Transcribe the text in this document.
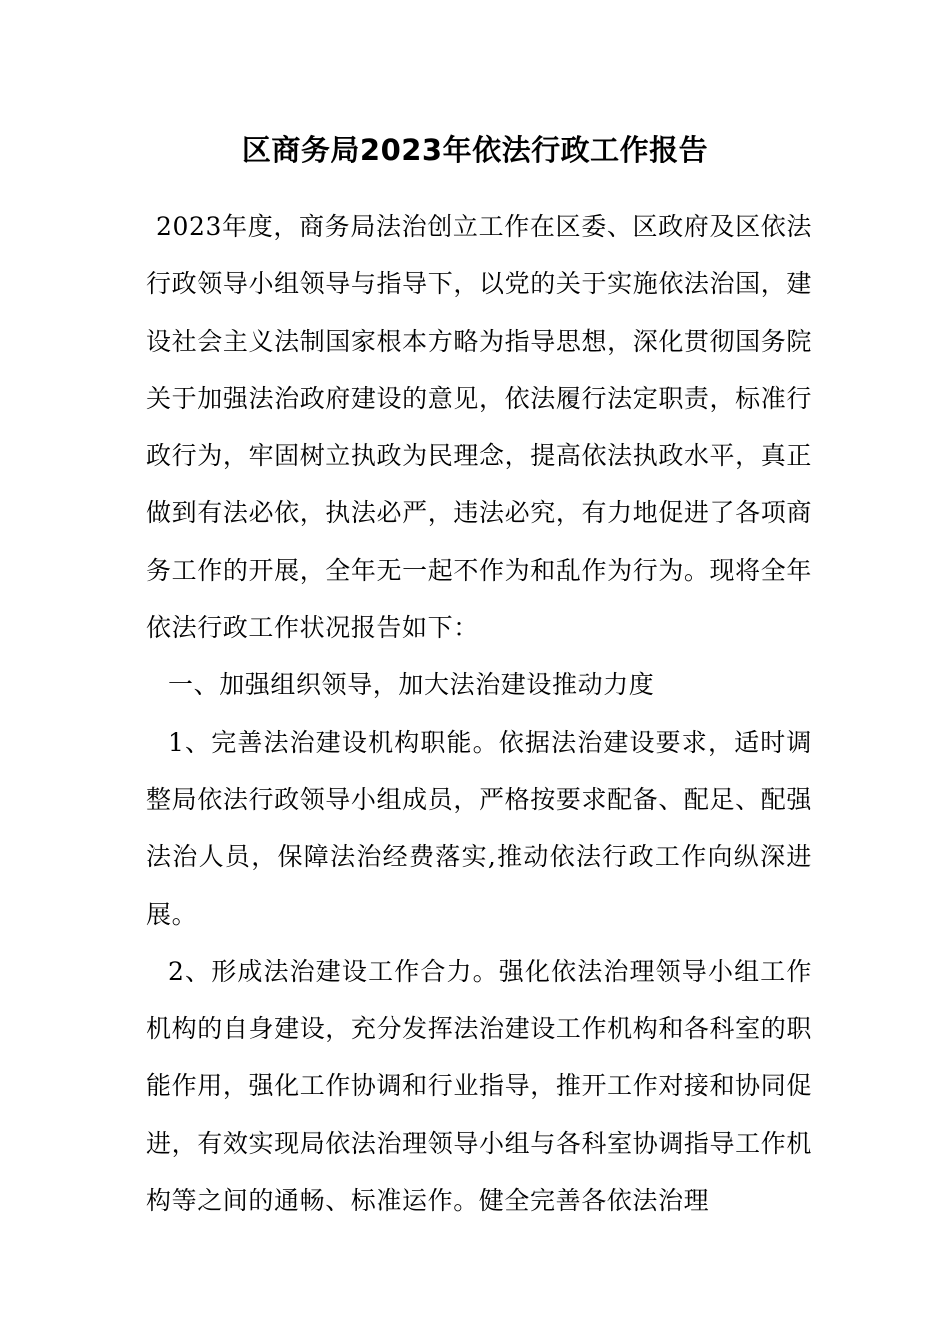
区商务局2023年依法行政工作报告

2023年度，商务局法治创立工作在区委、区政府及区依法行政领导小组领导与指导下，以党的关于实施依法治国，建设社会主义法制国家根本方略为指导思想，深化贯彻国务院关于加强法治政府建设的意见，依法履行法定职责，标准行政行为，牢固树立执政为民理念，提高依法执政水平，真正做到有法必依，执法必严，违法必究，有力地促进了各项商务工作的开展，全年无一起不作为和乱作为行为。现将全年依法行政工作状况报告如下：

一、加强组织领导，加大法治建设推动力度

1、完善法治建设机构职能。依据法治建设要求，适时调整局依法行政领导小组成员，严格按要求配备、配足、配强法治人员，保障法治经费落实,推动依法行政工作向纵深进展。

2、形成法治建设工作合力。强化依法治理领导小组工作机构的自身建设，充分发挥法治建设工作机构和各科室的职能作用，强化工作协调和行业指导，推开工作对接和协同促进，有效实现局依法治理领导小组与各科室协调指导工作机构等之间的通畅、标准运作。健全完善各依法治理
